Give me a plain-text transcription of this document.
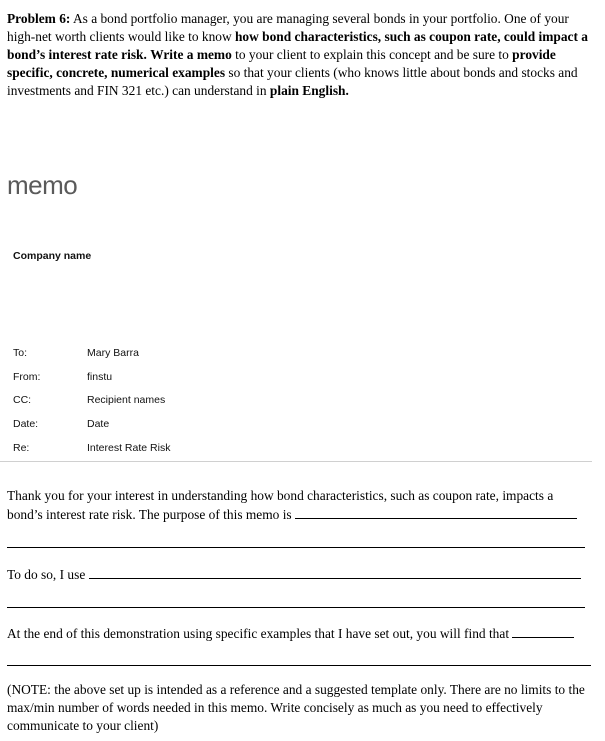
Problem 6: As a bond portfolio manager, you are managing several bonds in your portfolio. One of your high-net worth clients would like to know how bond characteristics, such as coupon rate, could impact a bond’s interest rate risk. Write a memo to your client to explain this concept and be sure to provide specific, concrete, numerical examples so that your clients (who knows little about bonds and stocks and investments and FIN 321 etc.) can understand in plain English.

memo
Company name
To:	Mary Barra
From:	finstu
CC:	Recipient names
Date:	Date
Re:	Interest Rate Risk
Thank you for your interest in understanding how bond characteristics, such as coupon rate, impacts a
bond’s interest rate risk. The purpose of this memo is
To do so, I use
At the end of this demonstration using specific examples that I have set out, you will find that

(NOTE: the above set up is intended as a reference and a suggested template only. There are no limits to the max/min number of words needed in this memo. Write concisely as much as you need to effectively communicate to your client)
